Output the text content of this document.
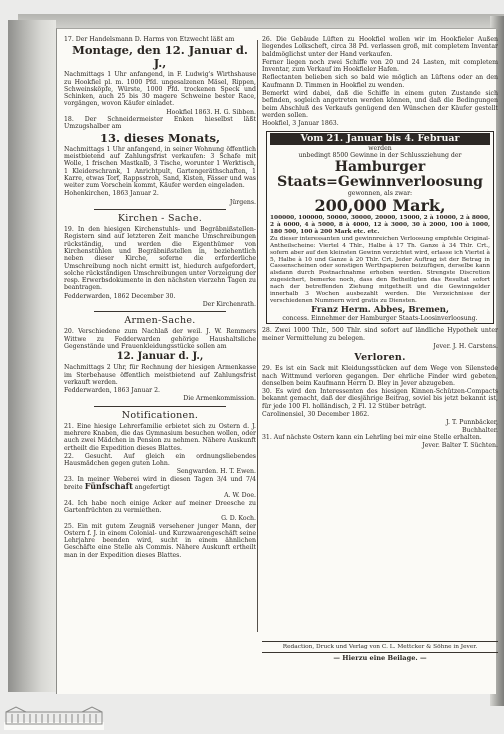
17. Der Handelsmann D. Harms von Etzwecht läßt am
Montage, den 12. Januar d. J.,
Nachmittags 1 Uhr anfangend, in F. Ludwig's Wirthshause zu Hookfiel pl. m. 1000 Pfd. ungesalzenen Mäsel, Rippen, Schweinsköpfe, Würste, 1000 Pfd. trockenen Speck und Schinken, auch 25 bis 30 magere Schweine bester Race, vorgängen, wovon Käufer einladet.
Hookfiel 1863. H. G. Sibben.
18. Der Schneidermeister Enken hieselbst läßt Umzugshalber am
13. dieses Monats,
Nachmittags 1 Uhr anfangend, in seiner Wohnung öffentlich meistbietend auf Zahlungsfrist verkaufen: 3 Schafe mit Wolle, 1 frischen Mastkalb, 3 Tische, worunter 1 Werktisch, 1 Kleiderschrank, 1 Anrichtpult, Gartengeräthschaften, 1 Karre, etwas Torf, Rappsstroh, Sand, Kisten, Fässer und was weiter zum Vorschein kommt, Käufer werden eingeladen.
Hohenkirchen, 1863 Januar 2.
Jürgens.
Kirchen - Sache.
19. In den hiesigen Kirchenstuhls- und Begräbnißstellen-Registern sind auf letzteren Zeit manche Umschreibungen rückständig, und werden die Eigenthümer von Kirchenstühlen und Begräbnißstellen in, beziehentlich neben dieser Kirche, soferne die erforderliche Umschreibung noch nicht ermitt ist, hiedurch aufgefordert, solche rückständigen Umschreibungen unter Vorzeigung der resp. Erwerbsdokumente in den nächsten vierzehn Tagen zu beantragen.
Fedderwarden, 1862 December 30.
Der Kirchenrath.
Armen-Sache.
20. Verschiedene zum Nachlaß der weil. J. W. Remmers Wittwe zu Fedderwarden gehörige Haushaltsliche Gegenstände und Frauenkleidungsstücke sollen am
12. Januar d. J.,
Nachmittags 2 Uhr, für Rechnung der hiesigen Armenkasse im Sterbehause öffentlich meistbietend auf Zahlungsfrist verkauft werden.
Fedderwarden, 1863 Januar 2.
Die Armenkommission.
Notificationen.
21. Eine hiesige Lehrerfamilie erbietet sich zu Ostern d. J. mehrere Knaben, die das Gymnasium besuchen wollen, oder auch zwei Mädchen in Pension zu nehmen. Nähere Auskunft ertheilt die Expedition dieses Blattes.
22. Gesucht. Auf gleich ein ordnungsliebendes Hausmädchen gegen guten Lohn.
Sengwarden. H. T. Ewen.
23. In meiner Weberei wird in diesen Tagen 3/4 und 7/4 breite Fünfschaft angefertigt
A. W. Doe.
24. Ich habe noch einige Acker auf meiner Dreesche zu Gartenfrüchten zu vermiethen.
G. D. Koch.
25. Ein mit gutem Zeugniß versehener junger Mann, der Ostern f. J. in einem Colonial- und Kurzwaarengeschäft seine Lehrjahre beenden wird, sucht in einem ähnlichen Geschäfte eine Stelle als Commis. Nähere Auskunft ertheilt man in der Expedition dieses Blattes.
26. Die Gebäude Lüften zu Hookfiel wollen wir im Hookfieler Außen liegendes Lolkscheft, circa 38 Pd. verlassen groß, mit completem Inventar baldmöglichst unter der Hand verkaufen.
Ferner liegen noch zwei Schiffe von 20 und 24 Lasten, mit completem Inventar, zum Verkauf im Hookfieler Hafen.
Reflectanten belieben sich so bald wie möglich an Lüftens oder an den Kaufmann D. Timmen in Hookfiel zu wenden.
Bemerkt wird dabei, daß die Schiffe in einem guten Zustande sich befinden, sogleich angetreten werden können, und daß die Bedingungen beim Abschluß des Verkaufs genügend den Wünschen der Käufer gestellt werden sollen.
Hookfiel, 3 Januar 1863.
Vom 21. Januar bis 4. Februar
werden
unbedingt 8500 Gewinne in der Schlussziehung der
Hamburger
Staats=Gewinnverloosung
gewonnen, als zwar:
200,000 Mark,
100000, 100000, 50000, 30000, 20000, 15000, 2 à 10000, 2 à 8000, 2 à 6000, 4 à 5000, 8 à 4000, 12 à 3000, 30 à 2000, 100 à 1000, 180 500, 100 à 200 Mark etc. etc.
Zu dieser interessanten und gewinnreichen Verloosung empfehle Original-Antheilscheine: Viertel 4 Thlr., Halbe à 17 Th. Ganze à 34 Thlr. Crt., sofern aber auf den kleinsten Gewinn verzichtet wird, erlasse ich Viertel à 5, Halbe à 10 und Ganze à 20 Thlr. Crt. Jeder Auftrag ist der Betrag in Cassenscheinen oder sonstigen Werthpapieren beizufügen, derselbe kann alsdann durch Postnachnahme erhoben werden. Strengste Discretion zugesichert, bemerke noch, dass den Betheiligten das Resultat sofort nach der betreffenden Ziehung mitgetheilt und die Gewinngelder innerhalb 3 Wochen ausbezahlt werden. Die Verzeichnisse der verschiedenen Nummern wird gratis zu Diensten.
Franz Herm. Abbes, Bremen,
concess. Einnehmer der Hamburger Staats-Loosinverloosung.
28. Zwei 1000 Thlr., 500 Thlr. sind sofort auf ländliche Hypothek unter meiner Vermittelung zu belegen.
Jever. J. H. Carstens.
Verloren.
29. Es ist ein Sack mit Kleidungsstücken auf dem Wege von Silenstede nach Wittmund verloren gegangen. Der ehrliche Finder wird gebeten, denselben beim Kaufmann Herrn D. Bley in Jever abzugeben.
30. Es wird den Interessenten des hiesigen Kinnen-Schützen-Compacts bekannt gemacht, daß der diesjährige Beitrag, soviel bis jetzt bekannt ist, für jede 100 Fl. holländisch, 2 Fl. 12 Stüber beträgt.
Carolinensiel, 30 December 1862.
J. T. Punnbäcker,
Buchhalter.
31. Auf nächste Ostern kann ein Lehrling bei mir eine Stelle erhalten.
Jever. Balter T. Süchten.
Redaction, Druck und Verlag von C. L. Mettcker & Söhne in Jever.
— Hierzu eine Beilage. —
